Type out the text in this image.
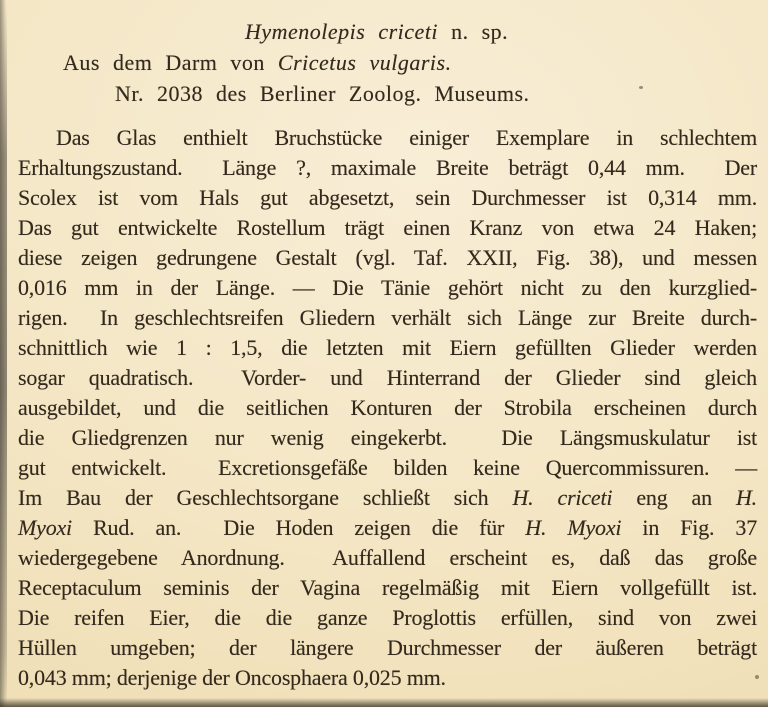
Hymenolepis criceti n. sp.
Aus dem Darm von Cricetus vulgaris.
Nr. 2038 des Berliner Zoolog. Museums.
Das Glas enthielt Bruchstücke einiger Exemplare in schlechtem
Erhaltungszustand.  Länge ?, maximale Breite beträgt 0,44 mm.  Der
Scolex ist vom Hals gut abgesetzt, sein Durchmesser ist 0,314 mm.
Das gut entwickelte Rostellum trägt einen Kranz von etwa 24 Haken;
diese zeigen gedrungene Gestalt (vgl. Taf. XXII, Fig. 38), und messen
0,016 mm in der Länge. — Die Tänie gehört nicht zu den kurzglied-
rigen.  In geschlechtsreifen Gliedern verhält sich Länge zur Breite durch-
schnittlich wie 1 : 1,5, die letzten mit Eiern gefüllten Glieder werden
sogar quadratisch.  Vorder- und Hinterrand der Glieder sind gleich
ausgebildet, und die seitlichen Konturen der Strobila erscheinen durch
die Gliedgrenzen nur wenig eingekerbt.  Die Längsmuskulatur ist
gut entwickelt.  Excretionsgefäße bilden keine Quercommissuren. —
Im Bau der Geschlechtsorgane schließt sich H. criceti eng an H.
Myoxi Rud. an.  Die Hoden zeigen die für H. Myoxi in Fig. 37
wiedergegebene Anordnung.  Auffallend erscheint es, daß das große
Receptaculum seminis der Vagina regelmäßig mit Eiern vollgefüllt ist.
Die reifen Eier, die die ganze Proglottis erfüllen, sind von zwei
Hüllen umgeben; der längere Durchmesser der äußeren beträgt
0,043 mm; derjenige der Oncosphaera 0,025 mm.
